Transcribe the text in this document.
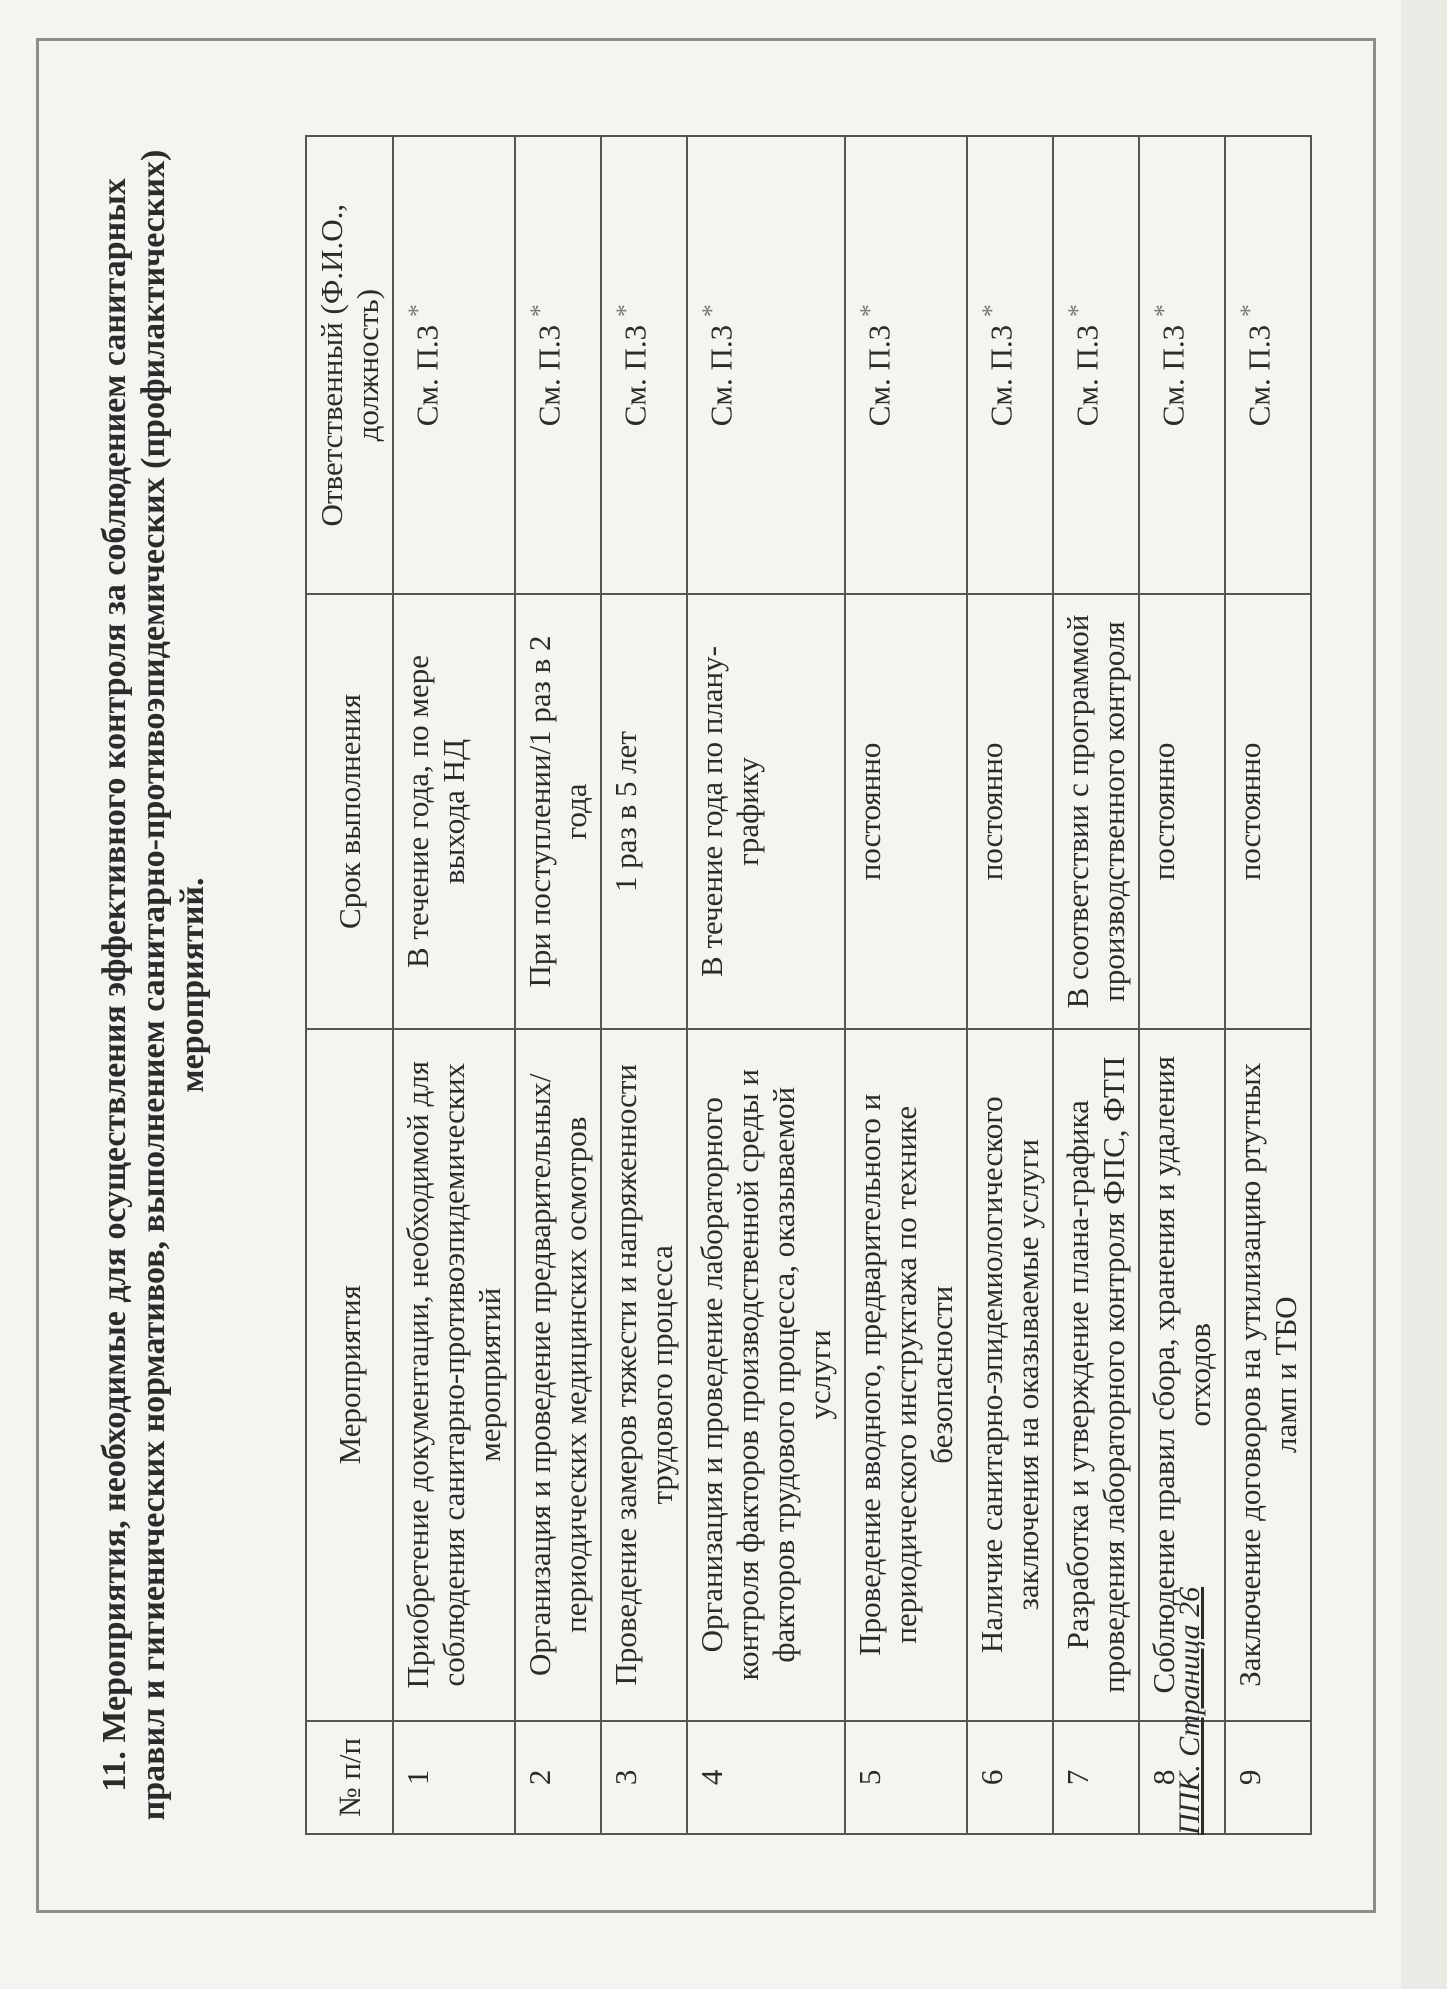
11. Мероприятия, необходимые для осуществления эффективного контроля за соблюдением санитарных правил и гигиенических нормативов, выполнением санитарно-противоэпидемических (профилактических) мероприятий.
№ п/п	Мероприятия	Срок выполнения	Ответственный (Ф.И.О., должность)
1	Приобретение документации, необходимой для соблюдения санитарно-противоэпидемических мероприятий	В течение года, по мере выхода НД	См. П.3 *
2	Организация и проведение предварительных/ периодических медицинских осмотров	При поступлении/1 раз в 2 года	См. П.3 *
3	Проведение замеров тяжести и напряженности трудового процесса	1 раз в 5 лет	См. П.3 *
4	Организация и проведение лабораторного контроля факторов производственной среды и факторов трудового процесса, оказываемой услуги	В течение года по плану-графику	См. П.3 *
5	Проведение вводного, предварительного и периодического инструктажа по технике безопасности	постоянно	См. П.3 *
6	Наличие санитарно-эпидемиологического заключения на оказываемые услуги	постоянно	См. П.3 *
7	Разработка и утверждение плана-графика проведения лабораторного контроля ФПС, ФТП	В соответствии с программой производственного контроля	См. П.3 *
8	Соблюдение правил сбора, хранения и удаления отходов	постоянно	См. П.3 *
9	Заключение договоров на утилизацию ртутных ламп и ТБО	постоянно	См. П.3 *
ППК. Страница 26
